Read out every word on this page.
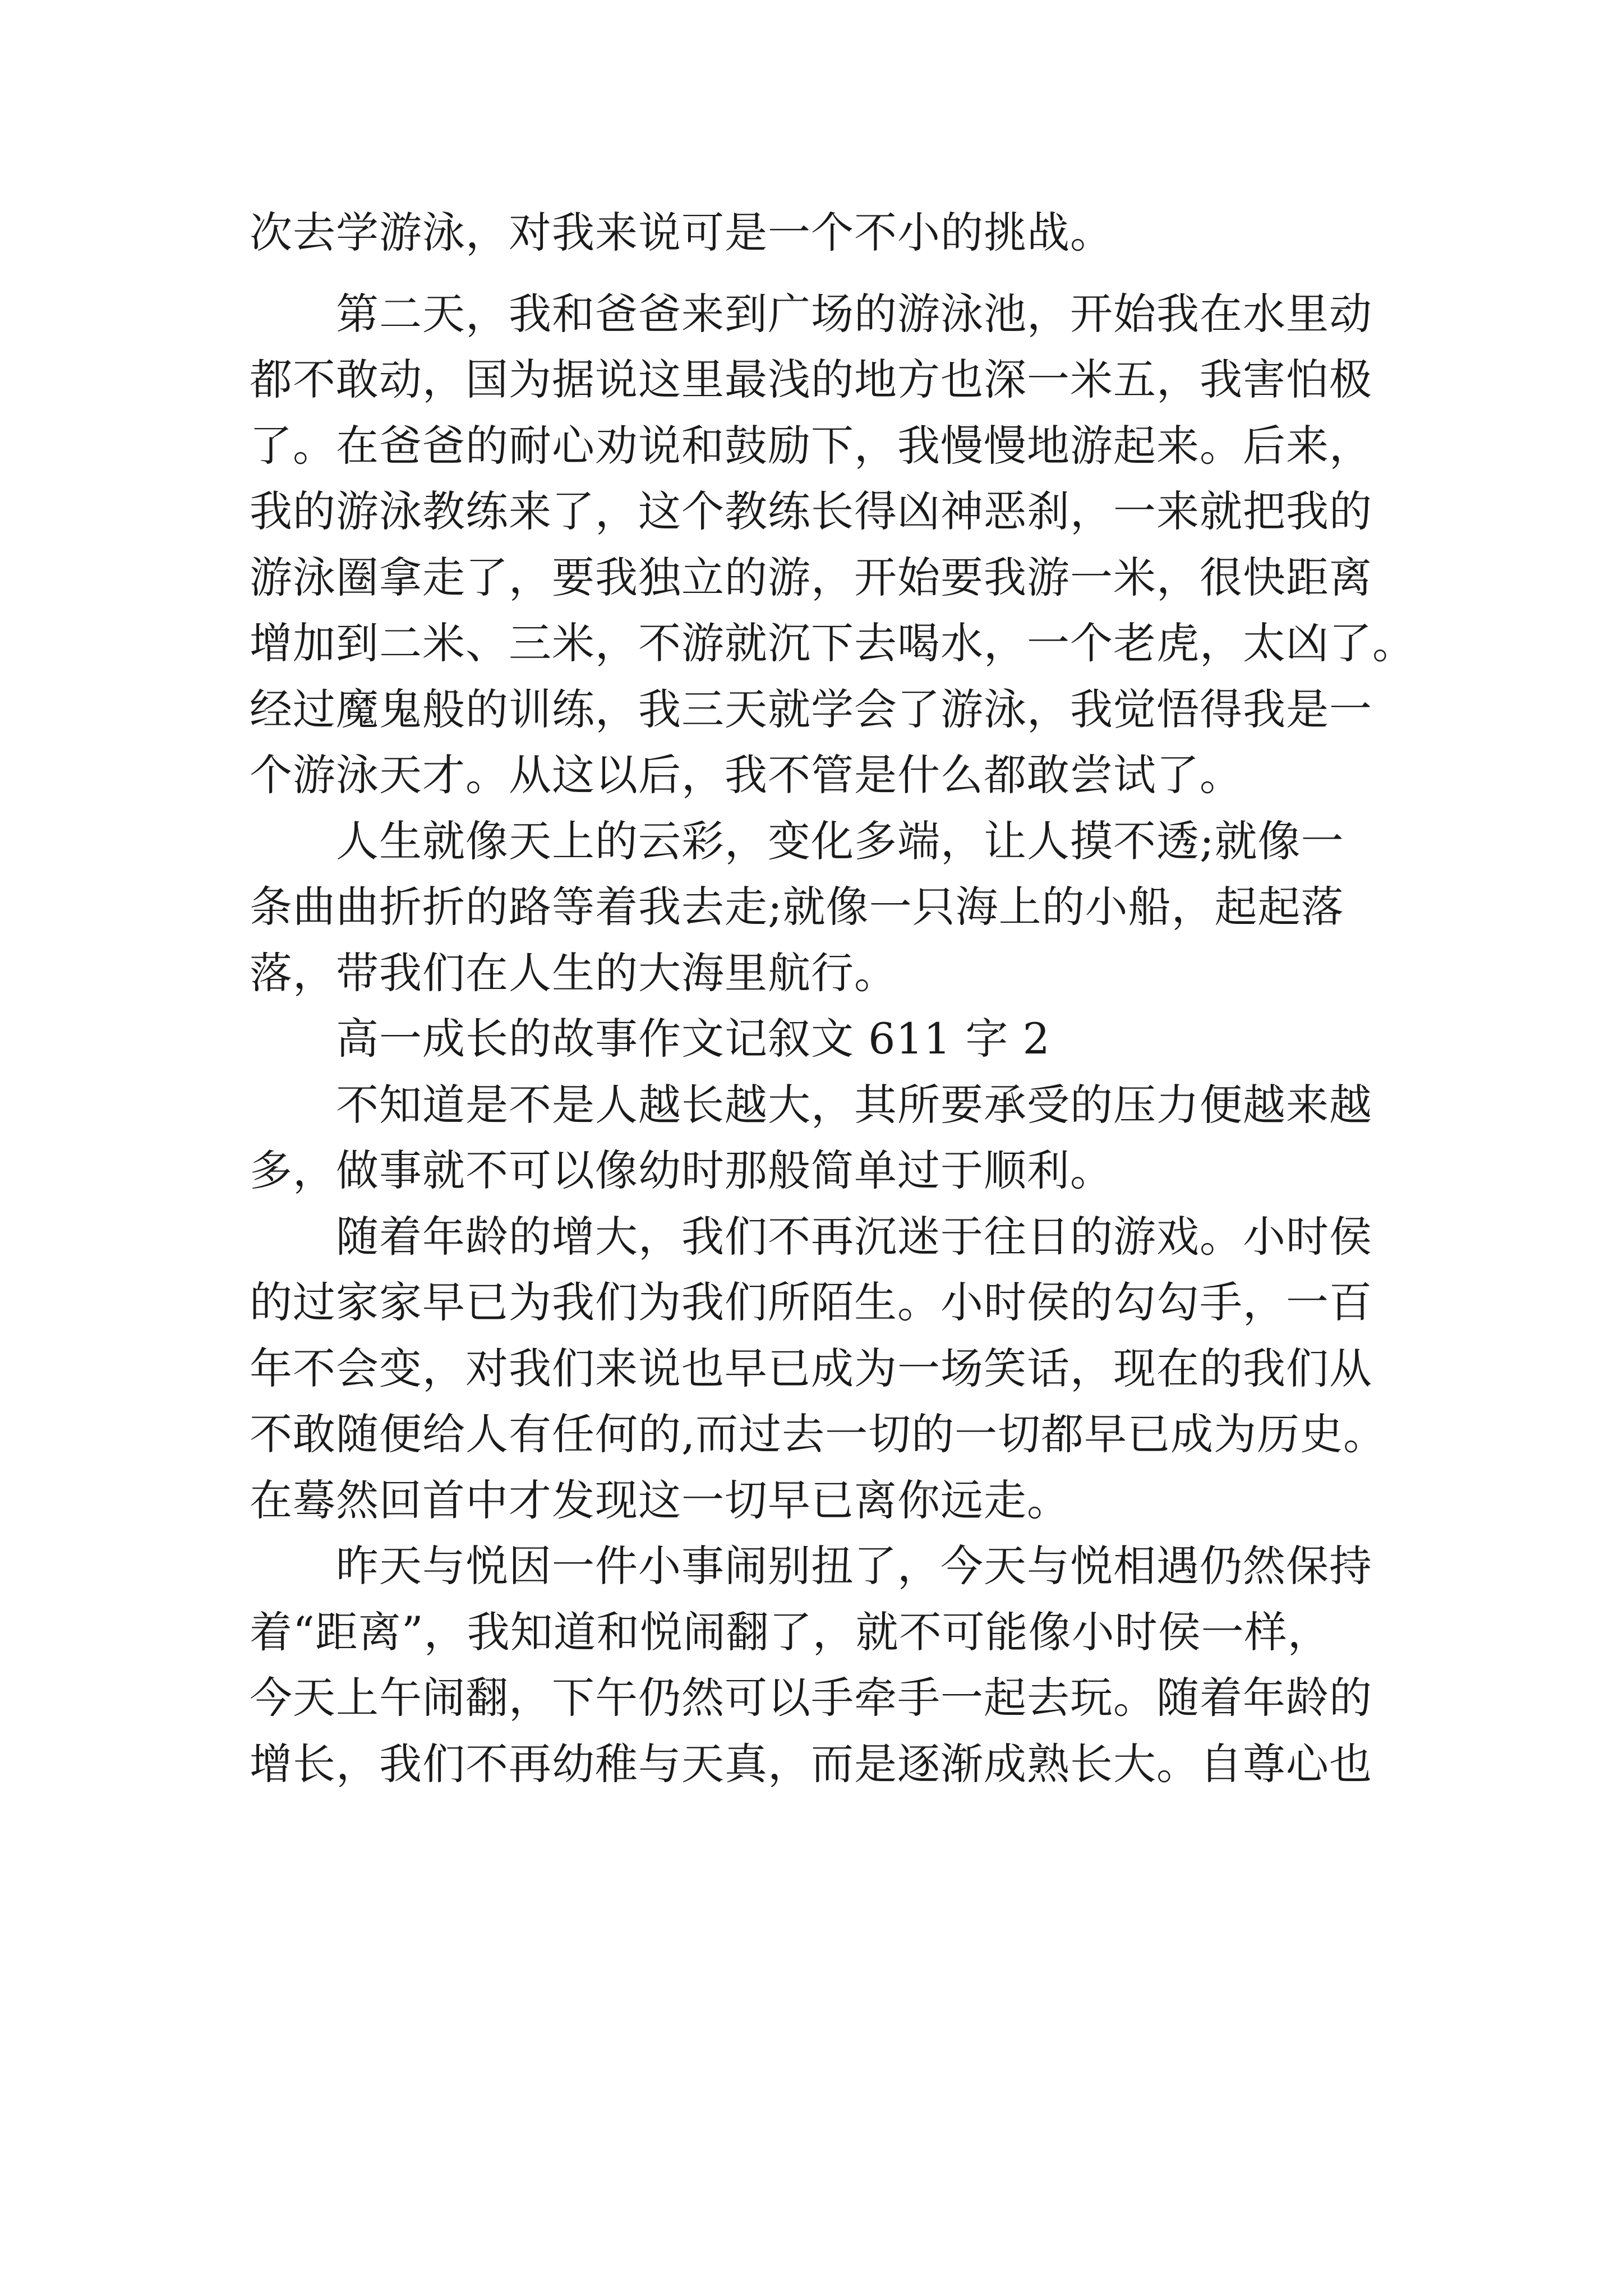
次去学游泳，对我来说可是一个不小的挑战。
　　第二天，我和爸爸来到广场的游泳池，开始我在水里动
都不敢动，国为据说这里最浅的地方也深一米五，我害怕极
了。在爸爸的耐心劝说和鼓励下，我慢慢地游起来。后来，
我的游泳教练来了，这个教练长得凶神恶刹，一来就把我的
游泳圈拿走了，要我独立的游，开始要我游一米，很快距离
增加到二米、三米，不游就沉下去喝水，一个老虎，太凶了。
经过魔鬼般的训练，我三天就学会了游泳，我觉悟得我是一
个游泳天才。从这以后，我不管是什么都敢尝试了。
　　人生就像天上的云彩，变化多端，让人摸不透;就像一
条曲曲折折的路等着我去走;就像一只海上的小船，起起落
落，带我们在人生的大海里航行。
　　高一成长的故事作文记叙文 611 字 2
　　不知道是不是人越长越大，其所要承受的压力便越来越
多，做事就不可以像幼时那般简单过于顺利。
　　随着年龄的增大，我们不再沉迷于往日的游戏。小时侯
的过家家早已为我们为我们所陌生。小时侯的勾勾手，一百
年不会变，对我们来说也早已成为一场笑话，现在的我们从
不敢随便给人有任何的,而过去一切的一切都早已成为历史。
在蓦然回首中才发现这一切早已离你远走。
　　昨天与悦因一件小事闹别扭了，今天与悦相遇仍然保持
着“距离”，我知道和悦闹翻了，就不可能像小时侯一样，
今天上午闹翻，下午仍然可以手牵手一起去玩。随着年龄的
增长，我们不再幼稚与天真，而是逐渐成熟长大。自尊心也
